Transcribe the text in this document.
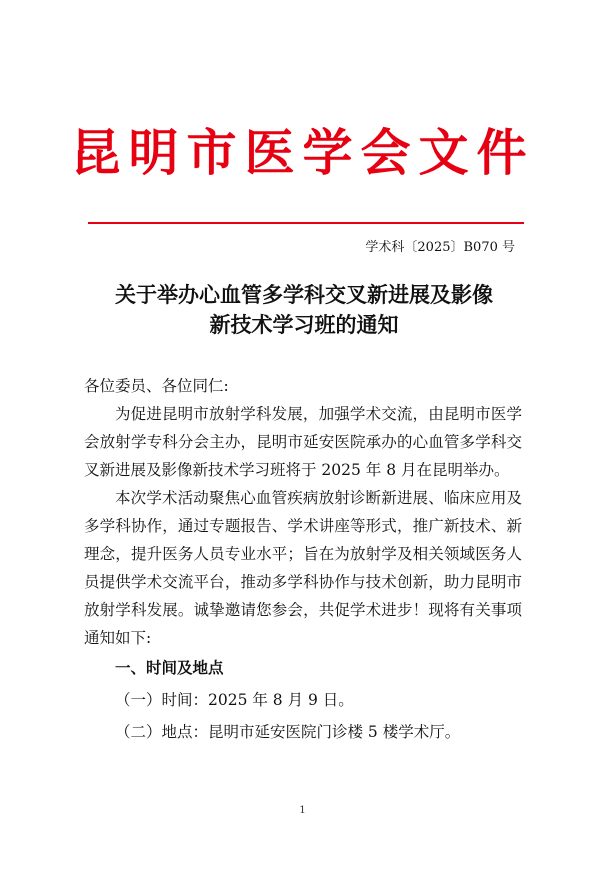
昆明市医学会文件
学术科〔2025〕B070 号
关于举办心血管多学科交叉新进展及影像
新技术学习班的通知

各位委员、各位同仁:

为促进昆明市放射学科发展，加强学术交流，由昆明市医学会放射学专科分会主办，昆明市延安医院承办的心血管多学科交叉新进展及影像新技术学习班将于 2025 年 8 月在昆明举办。

本次学术活动聚焦心血管疾病放射诊断新进展、临床应用及多学科协作，通过专题报告、学术讲座等形式，推广新技术、新理念，提升医务人员专业水平；旨在为放射学及相关领域医务人员提供学术交流平台，推动多学科协作与技术创新，助力昆明市放射学科发展。诚挚邀请您参会，共促学术进步！现将有关事项通知如下:

一、时间及地点

（一）时间：2025 年 8 月 9 日。

（二）地点：昆明市延安医院门诊楼 5 楼学术厅。

1
